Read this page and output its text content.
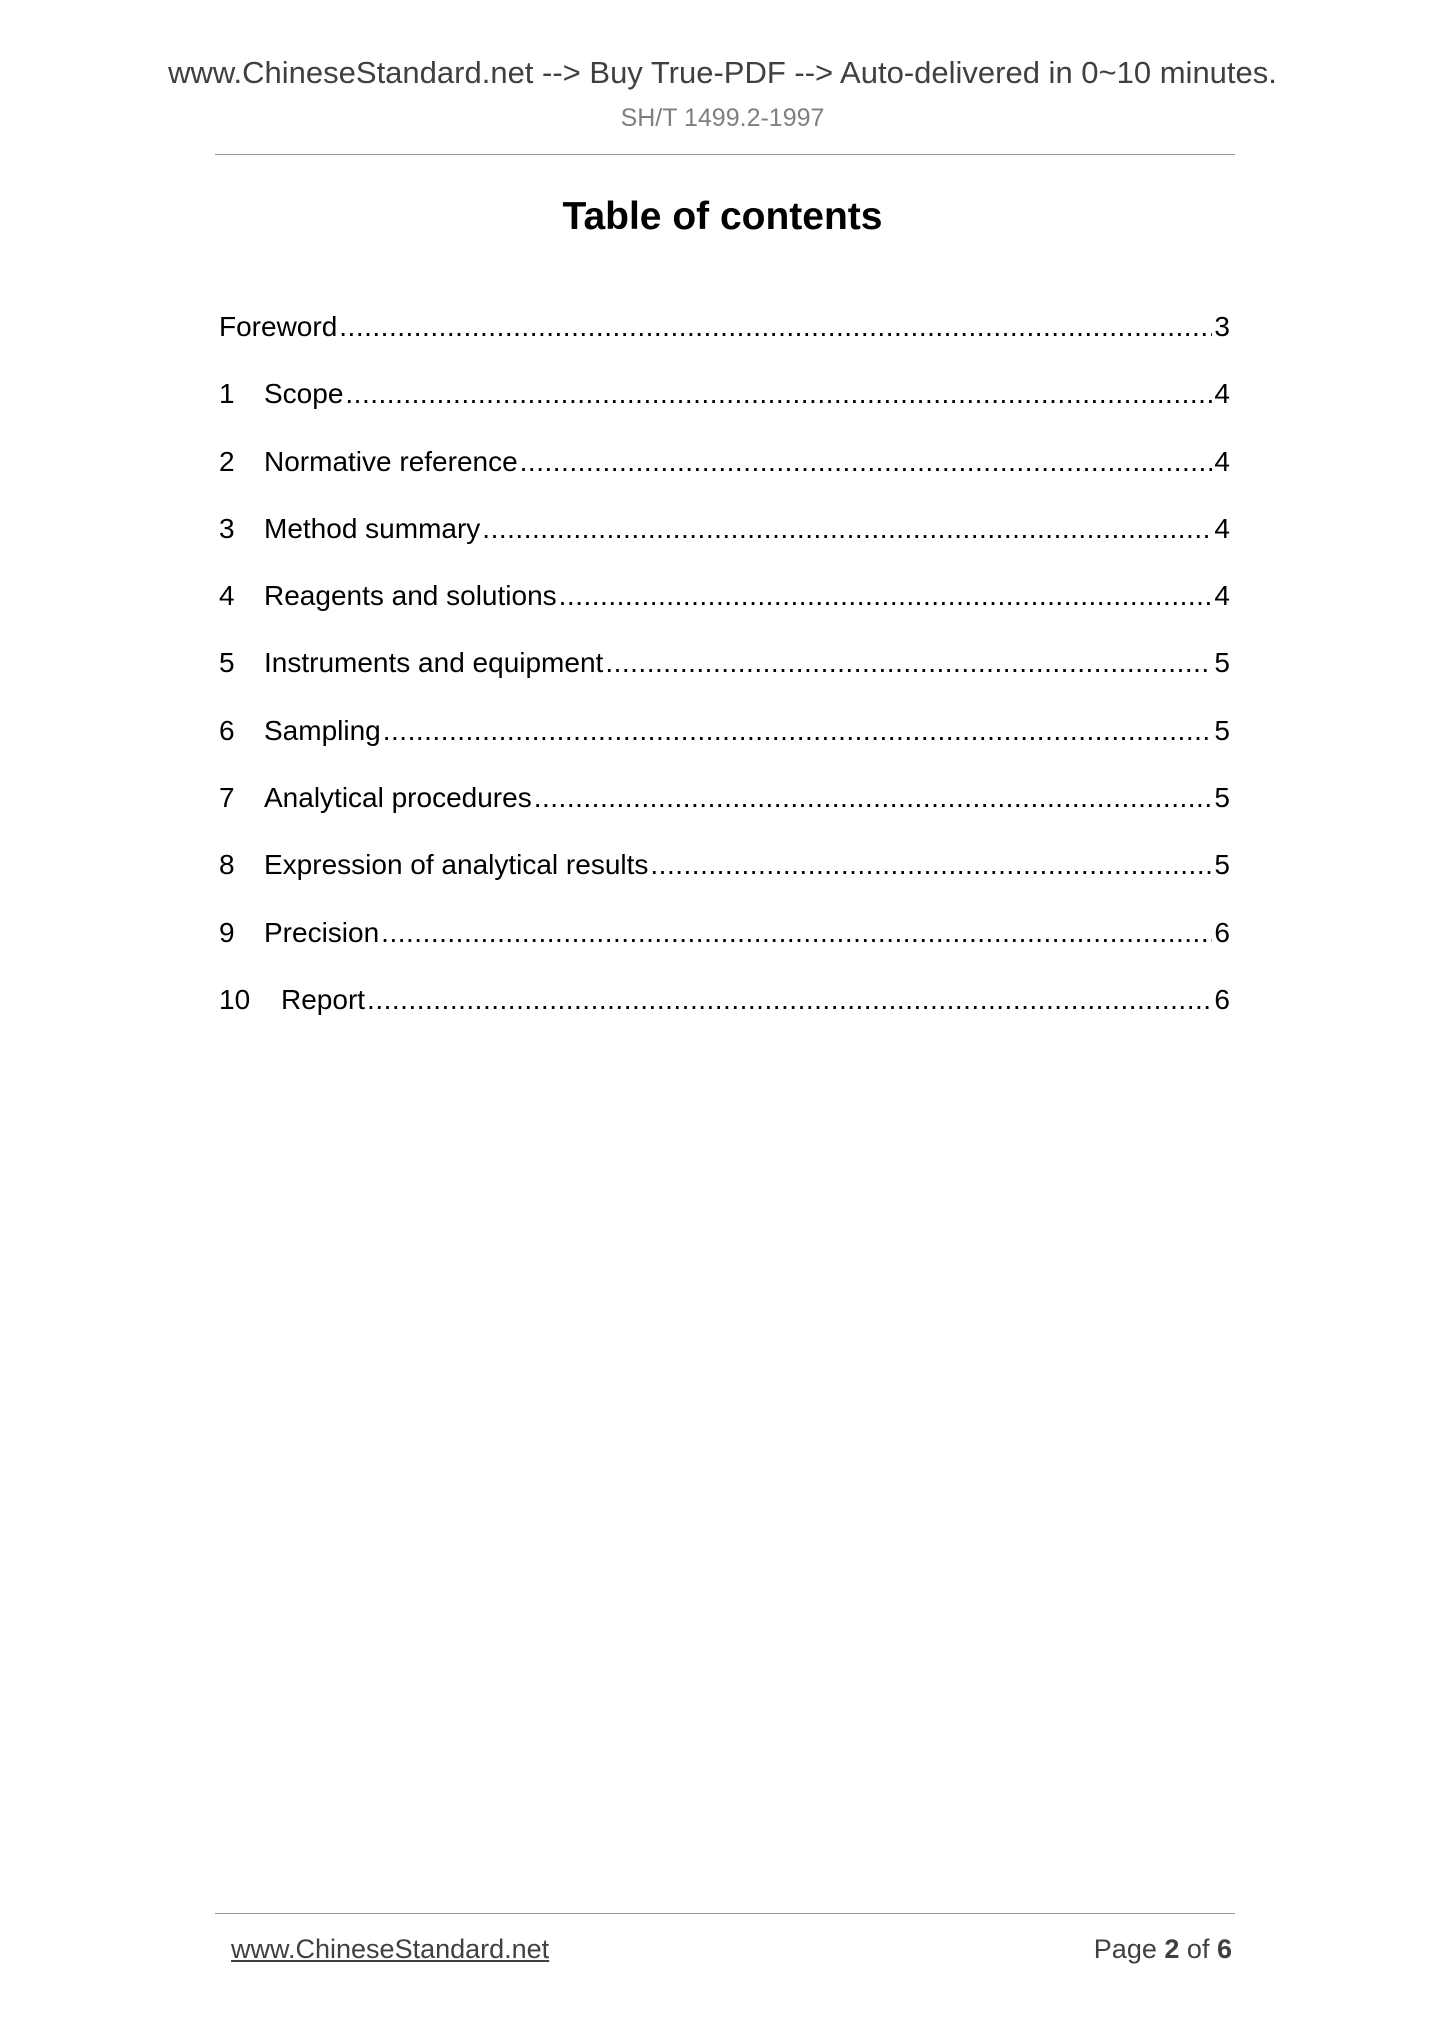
www.ChineseStandard.net --> Buy True-PDF --> Auto-delivered in 0~10 minutes.
SH/T 1499.2-1997
Table of contents
Foreword .....	3
1	Scope .....	4
2	Normative reference .....	4
3	Method summary .....	4
4	Reagents and solutions .....	4
5	Instruments and equipment .....	5
6	Sampling .....	5
7	Analytical procedures .....	5
8	Expression of analytical results .....	5
9	Precision .....	6
10	Report .....	6
www.ChineseStandard.net	Page 2 of 6
